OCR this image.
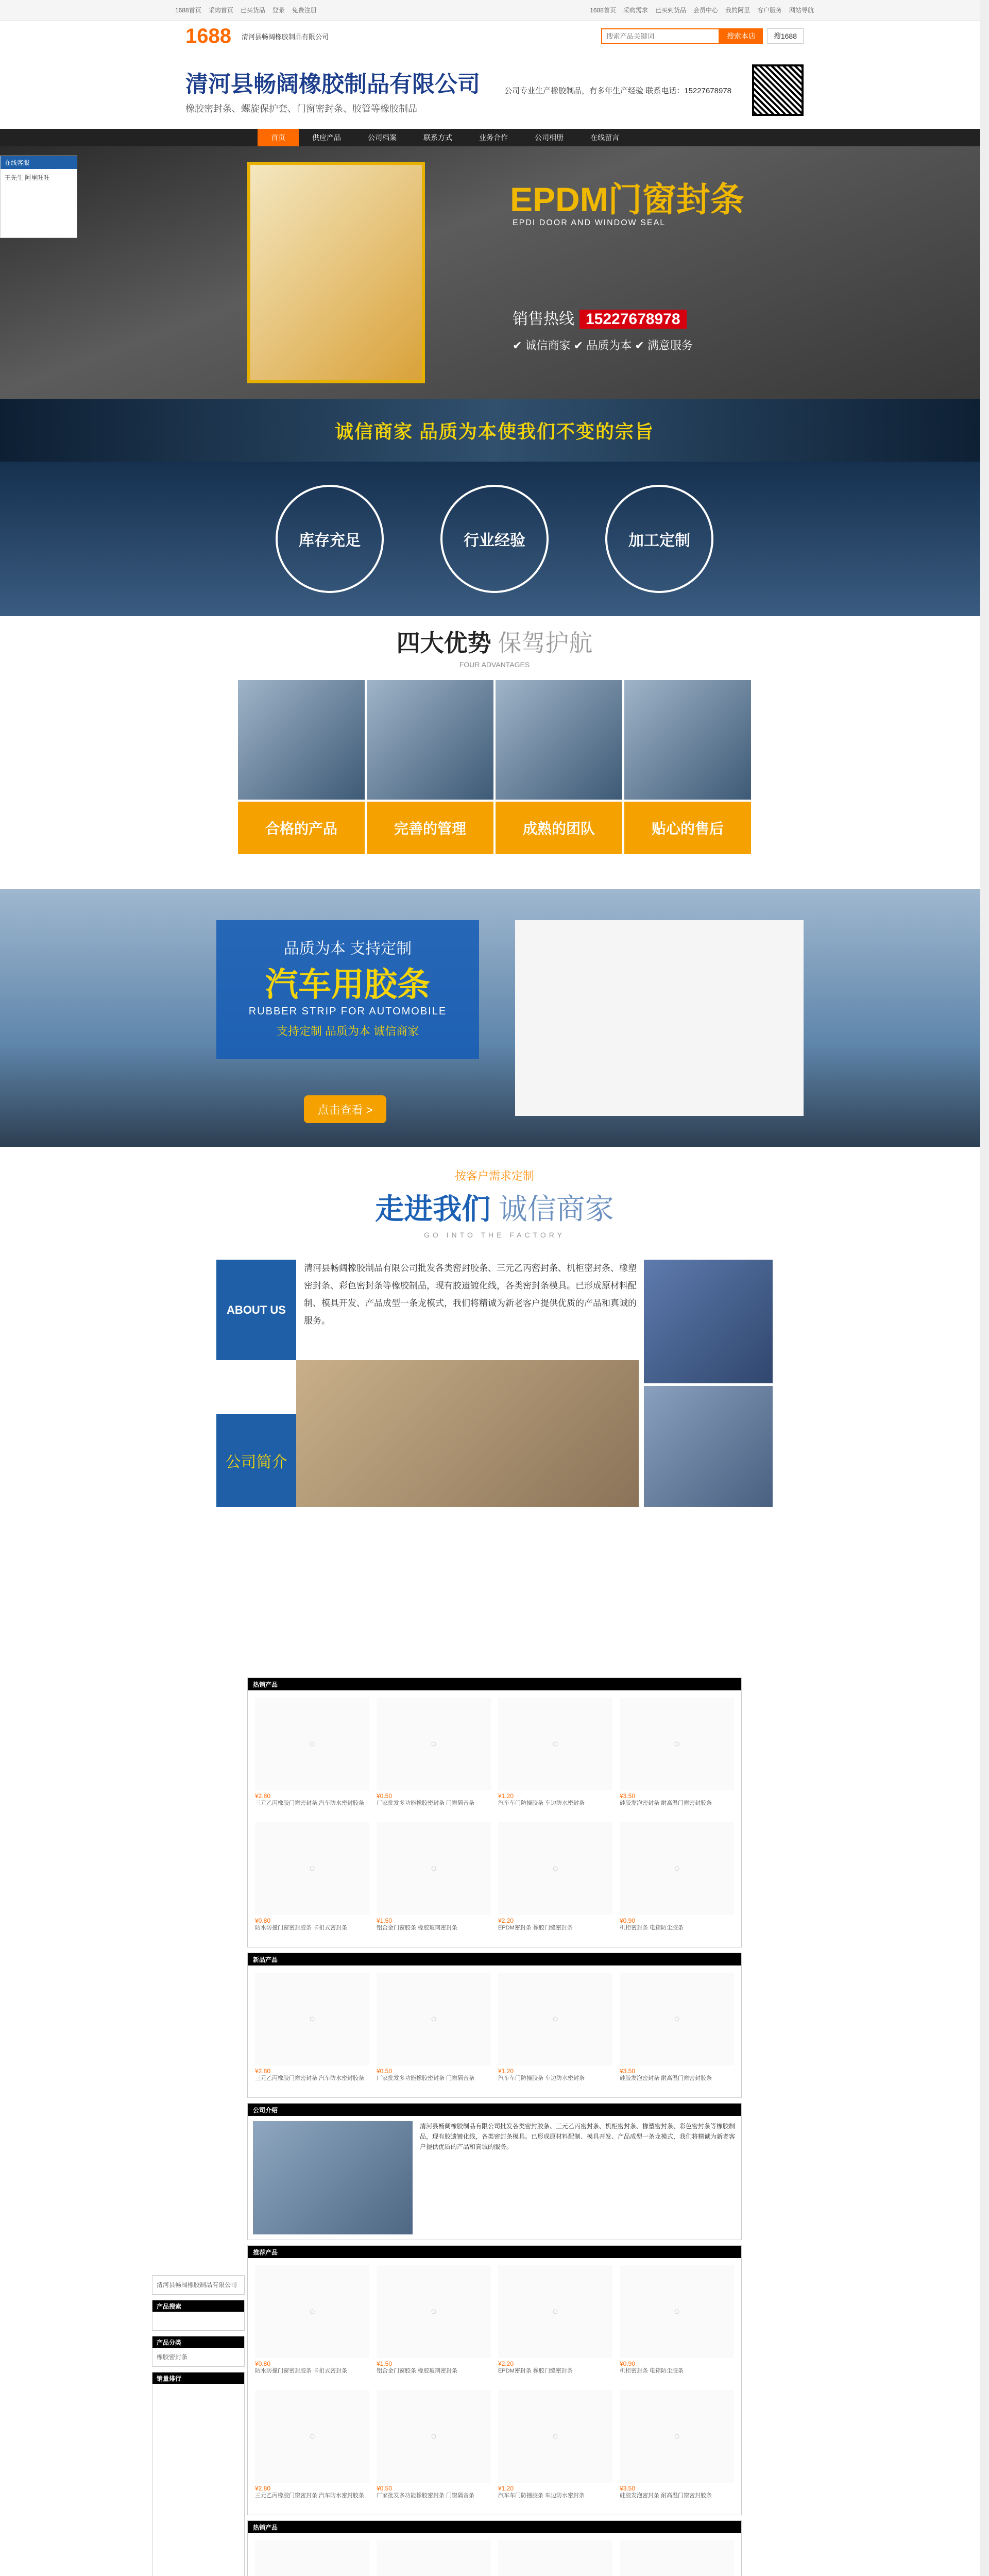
1688首页 采购首页 已买货品 登录 免费注册	1688首页 采购需求 已买到货品 会员中心 我的阿里 客户服务 网站导航
1688 清河县畅阔橡胶制品有限公司
搜索产品关键词	搜索本店	搜1688
清河县畅阔橡胶制品有限公司
橡胶密封条、螺旋保护套、门窗密封条、胶管等橡胶制品
公司专业生产橡胶制品，有多年生产经验 联系电话：15227678978
首页	供应产品	公司档案	联系方式	业务合作	公司相册	在线留言
EPDM门窗封条
EPDI DOOR AND WINDOW SEAL
销售热线 15227678978
✔ 诚信商家 ✔ 品质为本 ✔ 满意服务
诚信商家 品质为本使我们不变的宗旨
库存充足	行业经验	加工定制
四大优势 保驾护航
FOUR ADVANTAGES
合格的产品	完善的管理	成熟的团队	贴心的售后
品质为本 支持定制
汽车用胶条
RUBBER STRIP FOR AUTOMOBILE
支持定制 品质为本 诚信商家
点击查看 >
按客户需求定制
走进我们 诚信商家
GO INTO THE FACTORY
ABOUT US
清河县畅阔橡胶制品有限公司批发各类密封胶条、三元乙丙密封条、机柜密封条、橡塑密封条、彩色密封条等橡胶制品，现有胶遗镀化线，各类密封条模具。已形成原材料配制、模具开发、产品成型一条龙模式，我们将精诚为新老客户提供优质的产品和真诚的服务。
公司简介
清河县畅阔橡胶制品有限公司
产品搜索

产品分类
橡胶密封条
销量排行

热销产品
○
¥2.80
三元乙丙橡胶门窗密封条 汽车防水密封胶条
○
¥0.50
厂家批发多功能橡胶密封条 门窗隔音条
○
¥1.20
汽车车门防撞胶条 车边防水密封条
○
¥3.50
硅胶发泡密封条 耐高温门窗密封胶条
○
¥0.80
防水防撞门窗密封胶条 卡扣式密封条
○
¥1.50
铝合金门窗胶条 橡胶玻璃密封条
○
¥2.20
EPDM密封条 橡胶门缝密封条
○
¥0.90
机柜密封条 电箱防尘胶条
新品产品
○
¥2.80
三元乙丙橡胶门窗密封条 汽车防水密封胶条
○
¥0.50
厂家批发多功能橡胶密封条 门窗隔音条
○
¥1.20
汽车车门防撞胶条 车边防水密封条
○
¥3.50
硅胶发泡密封条 耐高温门窗密封胶条
公司介绍
清河县畅阔橡胶制品有限公司批发各类密封胶条、三元乙丙密封条、机柜密封条、橡塑密封条、彩色密封条等橡胶制品，现有胶遗镀化线，各类密封条模具。已形成原材料配制、模具开发、产品成型一条龙模式，我们将精诚为新老客户提供优质的产品和真诚的服务。
推荐产品
○
¥0.80
防水防撞门窗密封胶条 卡扣式密封条
○
¥1.50
铝合金门窗胶条 橡胶玻璃密封条
○
¥2.20
EPDM密封条 橡胶门缝密封条
○
¥0.90
机柜密封条 电箱防尘胶条
○
¥2.80
三元乙丙橡胶门窗密封条 汽车防水密封胶条
○
¥0.50
厂家批发多功能橡胶密封条 门窗隔音条
○
¥1.20
汽车车门防撞胶条 车边防水密封条
○
¥3.50
硅胶发泡密封条 耐高温门窗密封胶条
热销产品
在线客服
王先生 阿里旺旺
